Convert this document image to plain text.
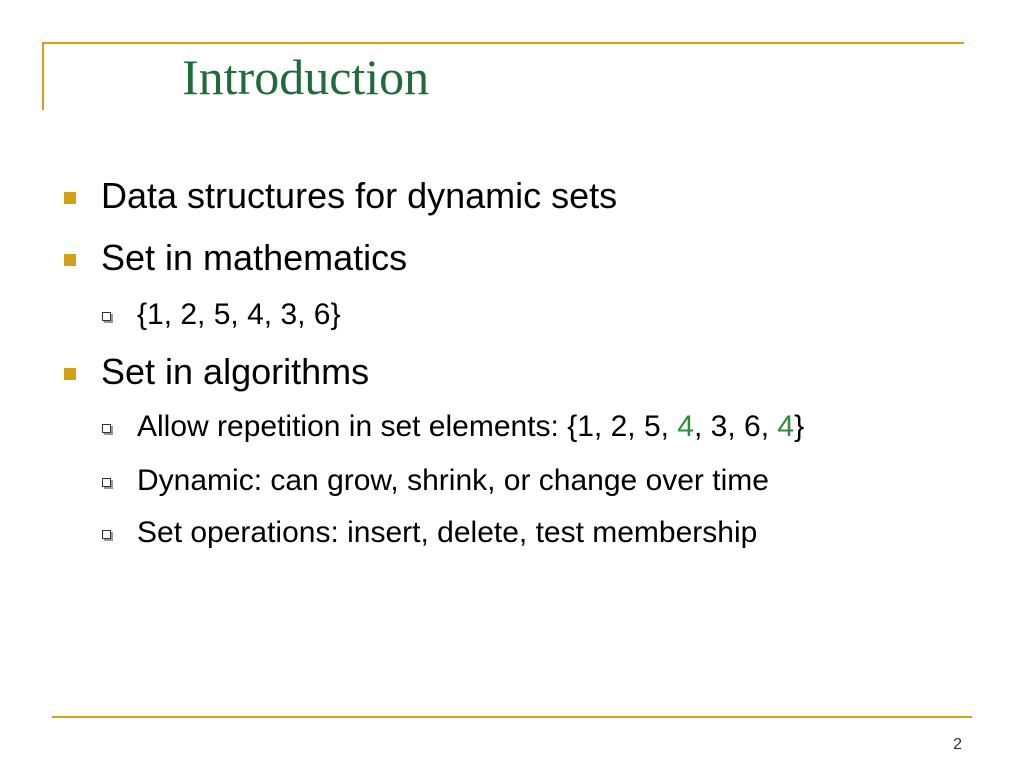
Introduction
Data structures for dynamic sets
Set in mathematics
{1, 2, 5, 4, 3, 6}
Set in algorithms
Allow repetition in set elements: {1, 2, 5, 4, 3, 6, 4}
Dynamic: can grow, shrink, or change over time
Set operations: insert, delete, test membership
2
